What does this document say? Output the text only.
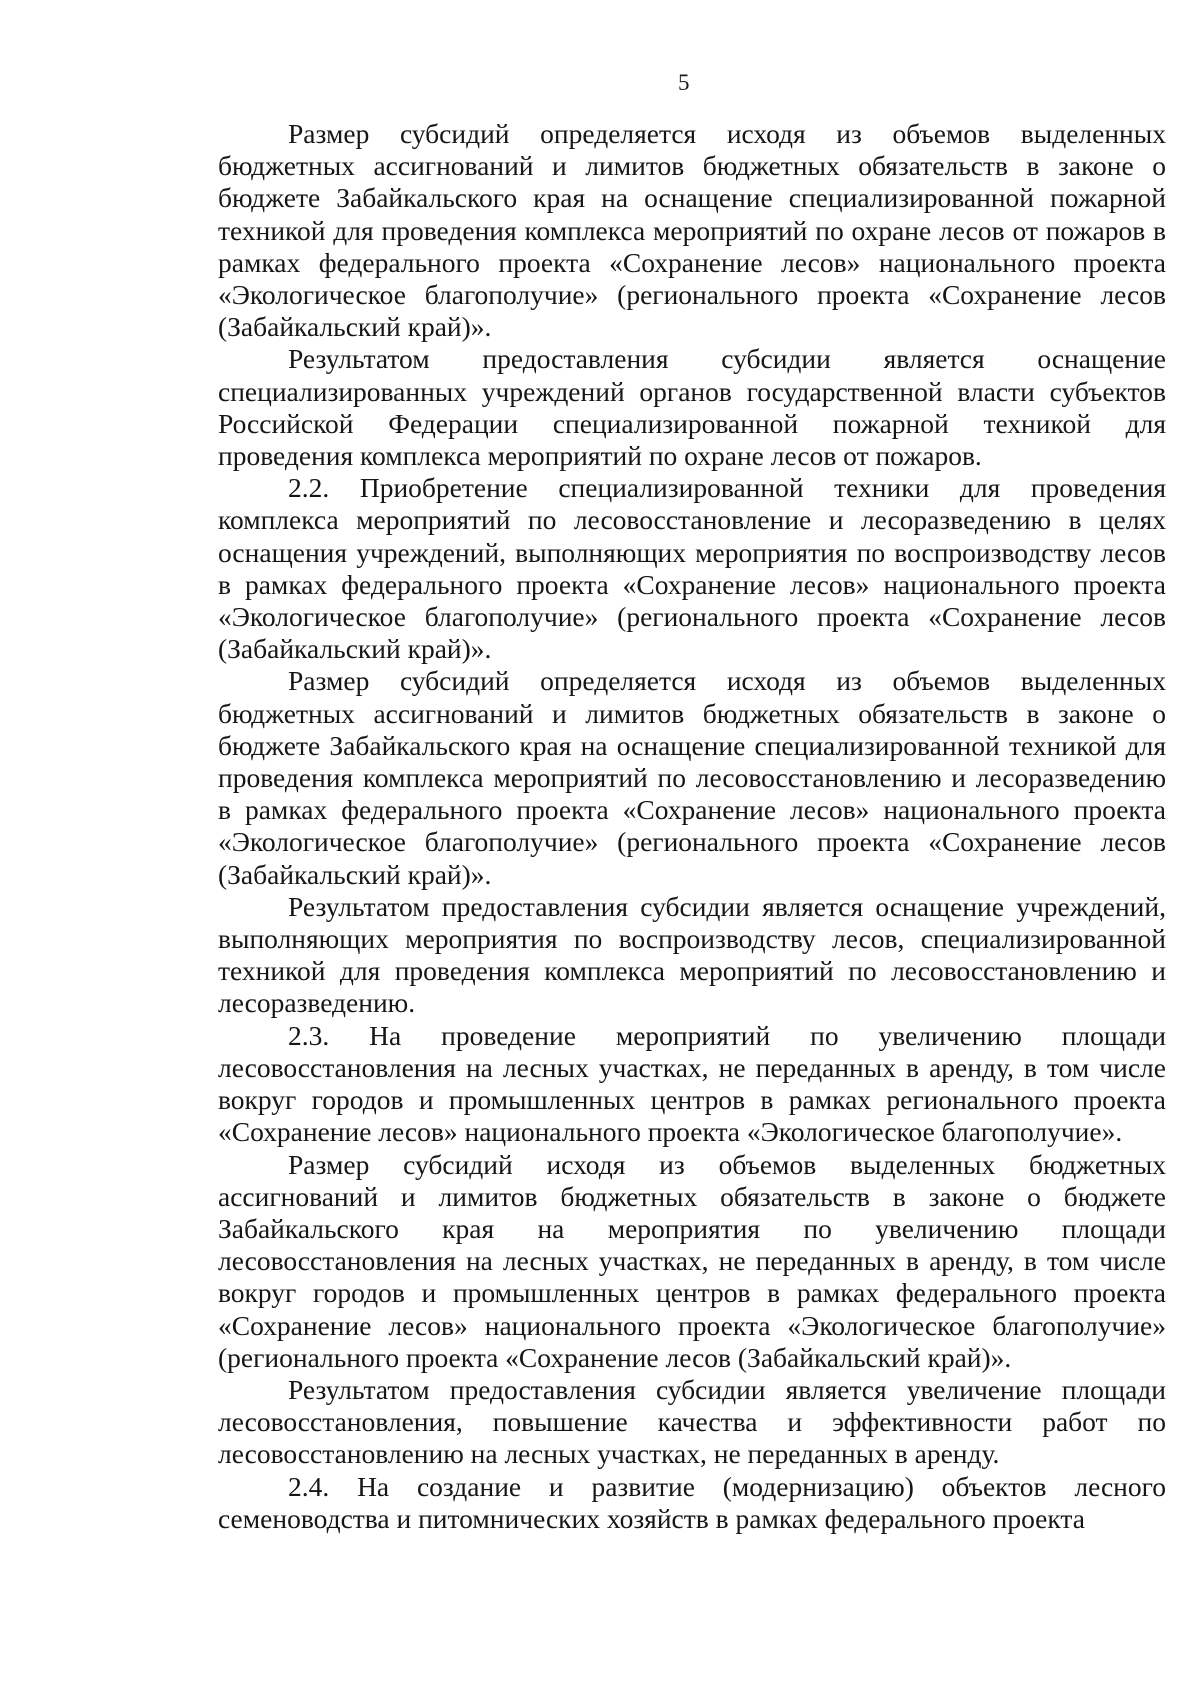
5

Размер субсидий определяется исходя из объемов выделенных бюджетных ассигнований и лимитов бюджетных обязательств в законе о бюджете Забайкальского края на оснащение специализированной пожарной техникой для проведения комплекса мероприятий по охране лесов от пожаров в рамках федерального проекта «Сохранение лесов» национального проекта «Экологическое благополучие» (регионального проекта «Сохранение лесов (Забайкальский край)».

Результатом предоставления субсидии является оснащение специализированных учреждений органов государственной власти субъектов Российской Федерации специализированной пожарной техникой для проведения комплекса мероприятий по охране лесов от пожаров.

2.2. Приобретение специализированной техники для проведения комплекса мероприятий по лесовосстановление и лесоразведению в целях оснащения учреждений, выполняющих мероприятия по воспроизводству лесов в рамках федерального проекта «Сохранение лесов» национального проекта «Экологическое благополучие» (регионального проекта «Сохранение лесов (Забайкальский край)».

Размер субсидий определяется исходя из объемов выделенных бюджетных ассигнований и лимитов бюджетных обязательств в законе о бюджете Забайкальского края на оснащение специализированной техникой для проведения комплекса мероприятий по лесовосстановлению и лесоразведению в рамках федерального проекта «Сохранение лесов» национального проекта «Экологическое благополучие» (регионального проекта «Сохранение лесов (Забайкальский край)».

Результатом предоставления субсидии является оснащение учреждений, выполняющих мероприятия по воспроизводству лесов, специализированной техникой для проведения комплекса мероприятий по лесовосстановлению и лесоразведению.

2.3. На проведение мероприятий по увеличению площади лесовосстановления на лесных участках, не переданных в аренду, в том числе вокруг городов и промышленных центров в рамках регионального проекта «Сохранение лесов» национального проекта «Экологическое благополучие».

Размер субсидий исходя из объемов выделенных бюджетных ассигнований и лимитов бюджетных обязательств в законе о бюджете Забайкальского края на мероприятия по увеличению площади лесовосстановления на лесных участках, не переданных в аренду, в том числе вокруг городов и промышленных центров в рамках федерального проекта «Сохранение лесов» национального проекта «Экологическое благополучие» (регионального проекта «Сохранение лесов (Забайкальский край)».

Результатом предоставления субсидии является увеличение площади лесовосстановления, повышение качества и эффективности работ по лесовосстановлению на лесных участках, не переданных в аренду.

2.4. На создание и развитие (модернизацию) объектов лесного семеноводства и питомнических хозяйств в рамках федерального проекта
